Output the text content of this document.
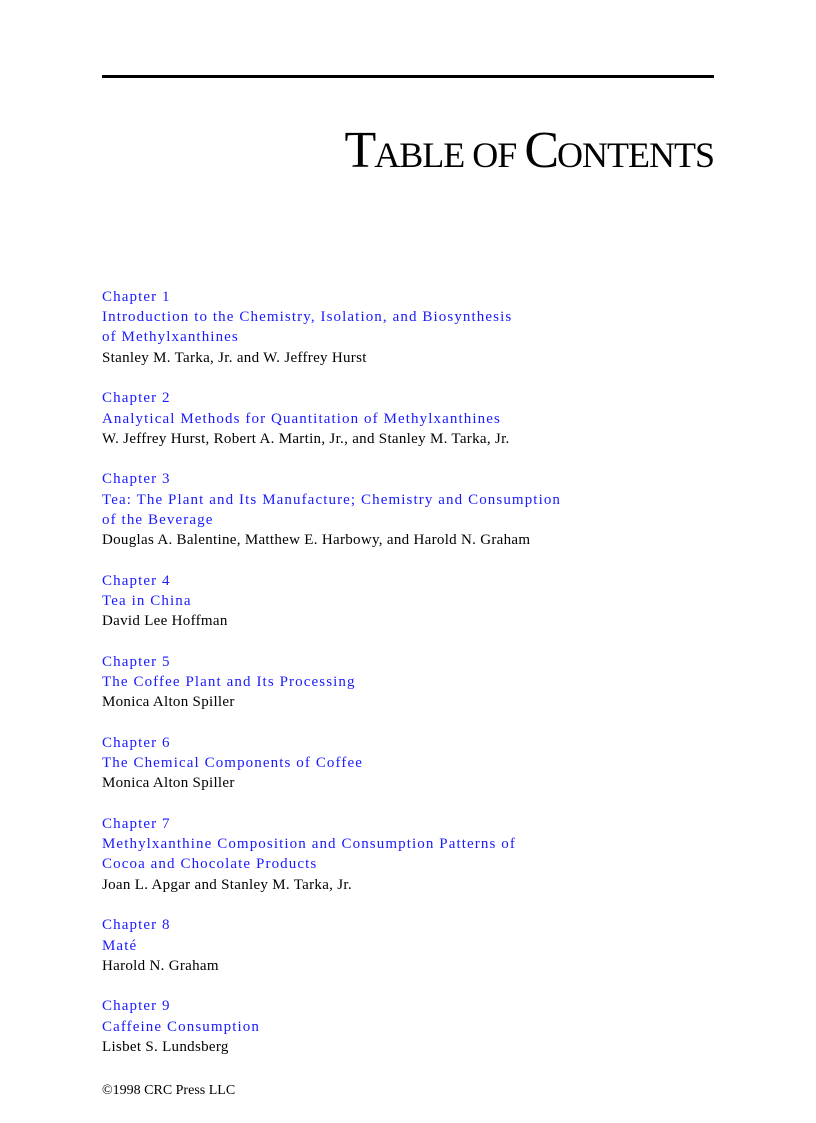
TABLE OF CONTENTS
Chapter 1
Introduction to the Chemistry, Isolation, and Biosynthesis
of Methylxanthines
Stanley M. Tarka, Jr. and W. Jeffrey Hurst
Chapter 2
Analytical Methods for Quantitation of Methylxanthines
W. Jeffrey Hurst, Robert A. Martin, Jr., and Stanley M. Tarka, Jr.
Chapter 3
Tea: The Plant and Its Manufacture; Chemistry and Consumption
of the Beverage
Douglas A. Balentine, Matthew E. Harbowy, and Harold N. Graham
Chapter 4
Tea in China
David Lee Hoffman
Chapter 5
The Coffee Plant and Its Processing
Monica Alton Spiller
Chapter 6
The Chemical Components of Coffee
Monica Alton Spiller
Chapter 7
Methylxanthine Composition and Consumption Patterns of
Cocoa and Chocolate Products
Joan L. Apgar and Stanley M. Tarka, Jr.
Chapter 8
Maté
Harold N. Graham
Chapter 9
Caffeine Consumption
Lisbet S. Lundsberg
©1998 CRC Press LLC
